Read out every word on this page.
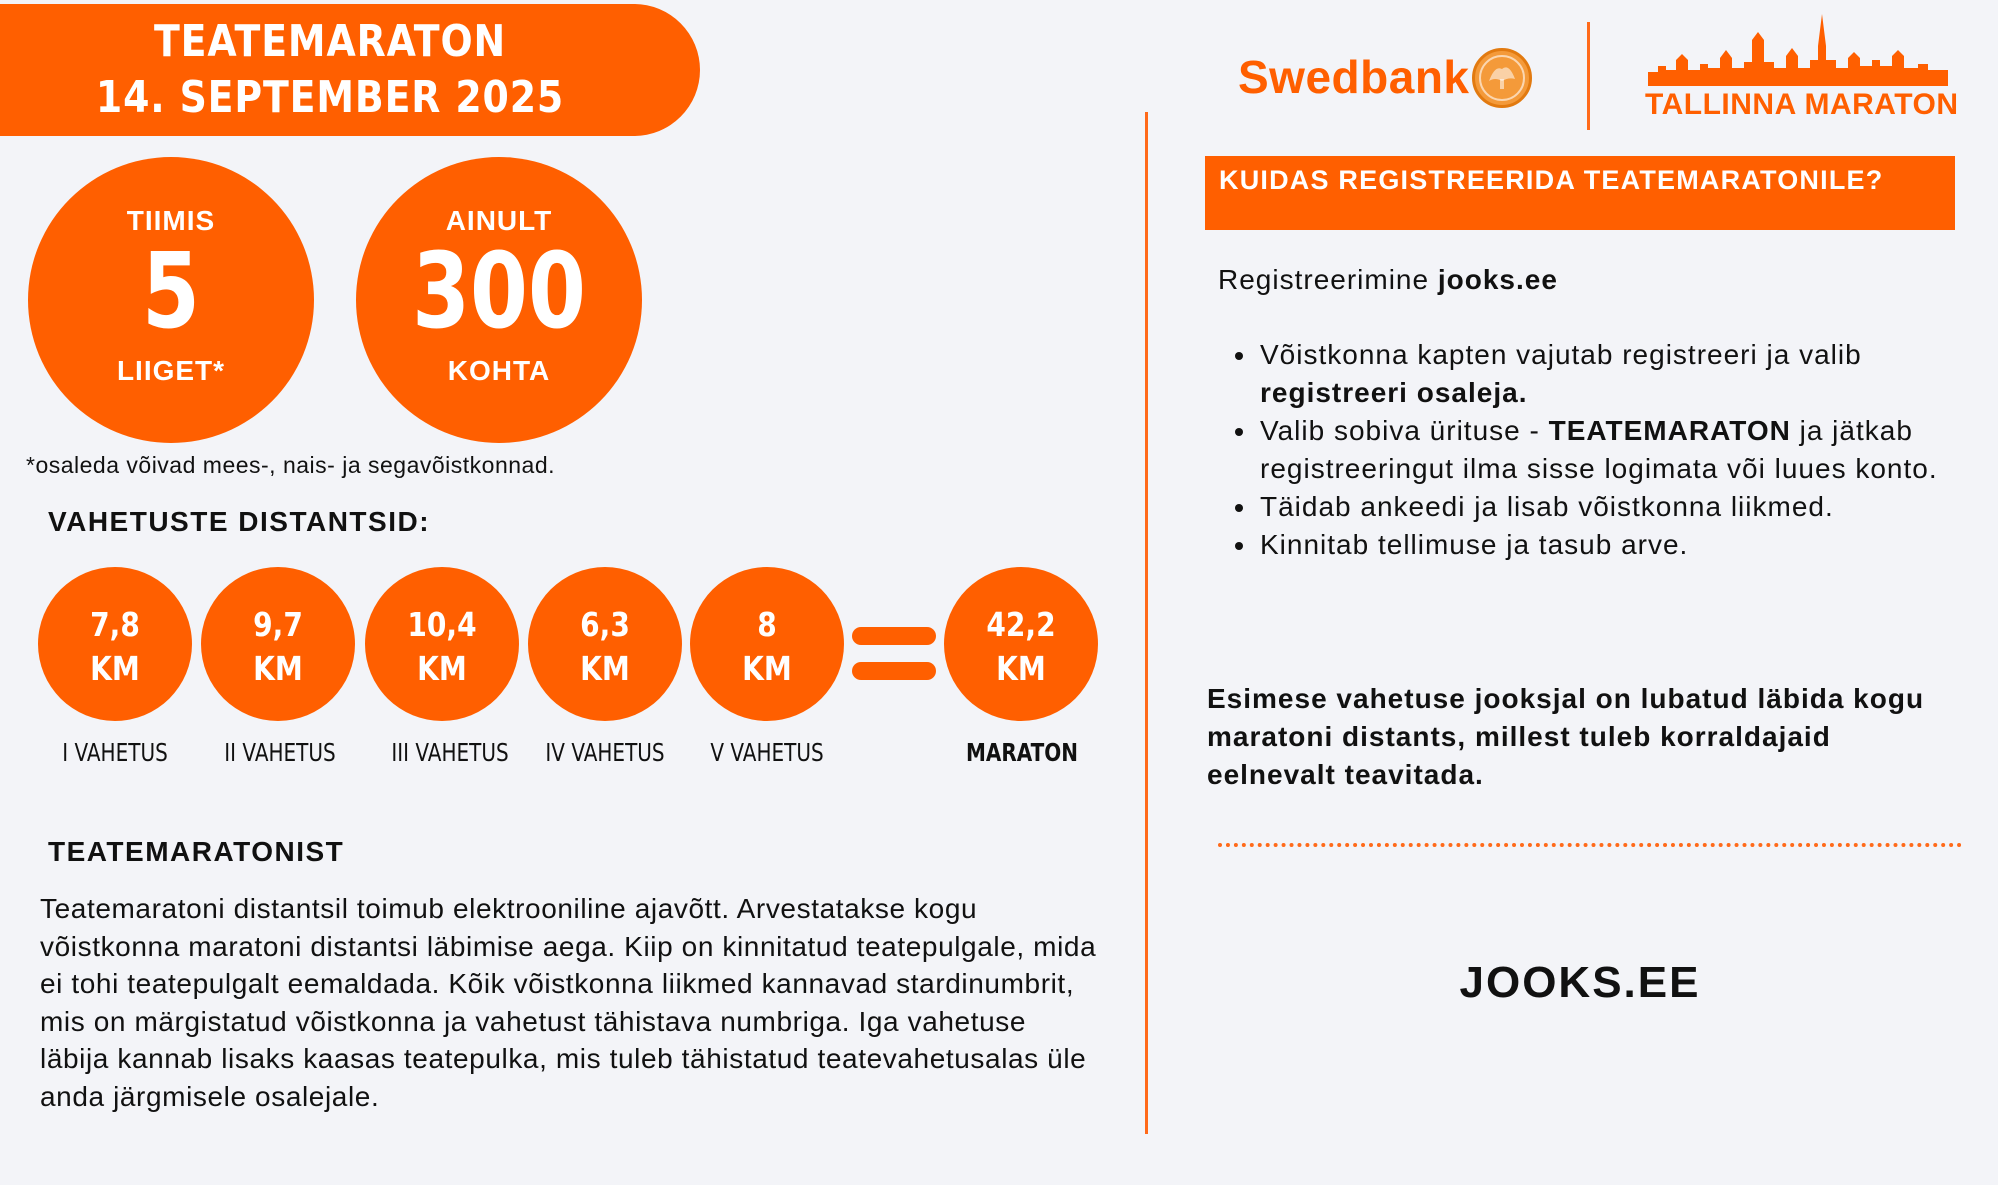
TEATEMARATON
14. SEPTEMBER 2025
TIIMIS
5
LIIGET*
AINULT
300
KOHTA
*osaleda võivad mees-, nais- ja segavõistkonnad.
VAHETUSTE DISTANTSID:
7,8
KM
9,7
KM
10,4
KM
6,3
KM
8
KM
42,2
KM
I VAHETUS	II VAHETUS	III VAHETUS	IV VAHETUS	V VAHETUS	MARATON
TEATEMARATONIST
Teatemaratoni distantsil toimub elektrooniline ajavõtt. Arvestatakse kogu võistkonna maratoni distantsi läbimise aega. Kiip on kinnitatud teatepulgale, mida ei tohi teatepulgalt eemaldada. Kõik võistkonna liikmed kannavad stardinumbrit, mis on märgistatud võistkonna ja vahetust tähistava numbriga. Iga vahetuse läbija kannab lisaks kaasas teatepulka, mis tuleb tähistatud teatevahetusalas üle anda järgmisele osalejale.
Swedbank
TALLINNA MARATON
KUIDAS REGISTREERIDA TEATEMARATONILE?
Registreerimine jooks.ee
• Võistkonna kapten vajutab registreeri ja valib registreeri osaleja.
• Valib sobiva ürituse - TEATEMARATON ja jätkab registreeringut ilma sisse logimata või luues konto.
• Täidab ankeedi ja lisab võistkonna liikmed.
• Kinnitab tellimuse ja tasub arve.
Esimese vahetuse jooksjal on lubatud läbida kogu maratoni distants, millest tuleb korraldajaid eelnevalt teavitada.
JOOKS.EE
